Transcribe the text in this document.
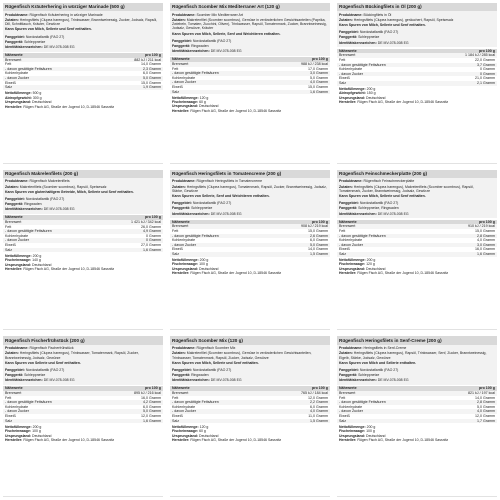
Rügenfisch Kräuterhering in würziger Marinade (500 g)

Produktname: Rügenfisch Kräuterhering in würziger Marinade

Zutaten: Heringsfilets (Clupea harengus), Trinkwasser, Branntweinessig, Zucker, Jodsalz, Rapsöl, Dill, Schnittlauch, Kräuter, Gewürze

Kann Spuren von Milch, Sellerie und Senf enthalten.

Fanggebiet: Nordostatlantik (FAO 27)

Fanggerät: Schleppnetze

Identitätskennzeichen: DE MV-078-008 EG

Nährwerte	pro 100 g
Brennwert	882 kJ / 211 kcal
Fett	14,0 Gramm
- davon gesättigte Fettsäuren	2,3 Gramm
Kohlenhydrate	6,0 Gramm
- davon Zucker	5,0 Gramm
Eiweiß	15,0 Gramm
Salz	1,9 Gramm

Nettofüllmenge: 500 g

Abtropfgewicht: 300 g

Ursprungsland: Deutschland

Hersteller: Rügen Fisch AG, Straße der Jugend 10, D-18546 Sassnitz

Rügenfisch Scomber Mix Mediterraner Art (120 g)

Produktname: Scomber Mix Mediterraner Art

Zutaten: Makrelenfilet (Scomber scombrus), Gemüse in veränderlichen Gewichtsanteilen (Paprika, Zwiebeln, Tomaten, Zucchini, Oliven), Trinkwasser, Rapsöl, Tomatenmark, Zucker, Branntweinessig, Jodsalz, Gewürze, Kräuter

Kann Spuren von Milch, Sellerie, Senf und Weichtieren enthalten.

Fanggebiet: Nordostatlantik (FAO 27)

Fanggerät: Ringwaden

Identitätskennzeichen: DE MV-078-008 EG

Nährwerte	pro 100 g
Brennwert	988 kJ / 238 kcal
Fett	17,0 Gramm
- davon gesättigte Fettsäuren	3,0 Gramm
Kohlenhydrate	5,0 Gramm
- davon Zucker	4,0 Gramm
Eiweiß	15,0 Gramm
Salz	1,6 Gramm

Nettofüllmenge: 120 g

Fischeinwaage: 60 g

Ursprungsland: Deutschland

Hersteller: Rügen Fisch AG, Straße der Jugend 10, D-18546 Sassnitz

Rügenfisch Bückingfilets in Öl (200 g)

Produktname: Bückingfilets in Öl

Zutaten: Heringsfilets (Clupea harengus), geräuchert, Rapsöl, Speisesalz

Kann Spuren von Milch, Sellerie und Senf enthalten.

Fanggebiet: Nordostatlantik (FAO 27)

Fanggerät: Schleppnetze

Identitätskennzeichen: DE MV-078-008 EG

Nährwerte	pro 100 g
Brennwert	1 184 kJ / 285 kcal
Fett	22,0 Gramm
- davon gesättigte Fettsäuren	3,7 Gramm
Kohlenhydrate	0 Gramm
- davon Zucker	0 Gramm
Eiweiß	21,0 Gramm
Salz	2,1 Gramm

Nettofüllmenge: 200 g

Abtropfgewicht: 150 g

Ursprungsland: Deutschland

Hersteller: Rügen Fisch AG, Straße der Jugend 10, D-18546 Sassnitz

Rügenfisch Makrelenfilets (200 g)

Produktname: Rügenfisch Makrelenfilets

Zutaten: Makrelenfilets (Scomber scombrus), Rapsöl, Speisesalz

Kann Spuren von glutenhaltigem Getreide, Milch, Sellerie und Senf enthalten.

Fanggebiet: Nordostatlantik (FAO 27)

Fanggerät: Ringwaden

Identitätskennzeichen: DE MV-078-008 EG

Nährwerte	pro 100 g
Brennwert	1 421 kJ / 342 kcal
Fett	26,0 Gramm
- davon gesättigte Fettsäuren	4,9 Gramm
Kohlenhydrate	0 Gramm
- davon Zucker	0 Gramm
Eiweiß	27,0 Gramm
Salz	1,6 Gramm

Nettofüllmenge: 200 g

Fischeinwaage: 140 g

Ursprungsland: Deutschland

Hersteller: Rügen Fisch AG, Straße der Jugend 10, D-18546 Sassnitz

Rügenfisch Heringsfilets in Tomatencreme (200 g)

Produktname: Rügenfisch Heringsfilets in Tomatencreme

Zutaten: Heringsfilets (Clupea harengus), Tomatenmark, Rapsöl, Zucker, Branntweinessig, Jodsalz, Stärke, Gewürze

Kann Spuren von Sellerie, Senf und Weichtieren enthalten.

Fanggebiet: Nordostatlantik (FAO 27)

Fanggerät: Schleppnetze

Identitätskennzeichen: DE MV-078-008 EG

Nährwerte	pro 100 g
Brennwert	908 kJ / 219 kcal
Fett	15,0 Gramm
- davon gesättigte Fettsäuren	2,6 Gramm
Kohlenhydrate	6,0 Gramm
- davon Zucker	5,0 Gramm
Eiweiß	14,0 Gramm
Salz	1,5 Gramm

Nettofüllmenge: 200 g

Fischeinwaage: 100 g

Ursprungsland: Deutschland

Hersteller: Rügen Fisch AG, Straße der Jugend 10, D-18546 Sassnitz

Rügenfisch Feinschmeckerplatte (200 g)

Produktname: Rügenfisch Feinschmeckerplatte

Zutaten: Heringsfilets (Clupea harengus), Makrelenfilets (Scomber scombrus), Rapsöl, Tomatenmark, Zucker, Branntweinessig, Jodsalz, Gewürze

Kann Spuren von Milch, Sellerie und Senf enthalten.

Fanggebiet: Nordostatlantik (FAO 27)

Fanggerät: Schleppnetze, Ringwaden

Identitätskennzeichen: DE MV-078-008 EG

Nährwerte	pro 100 g
Brennwert	910 kJ / 219 kcal
Fett	15,0 Gramm
- davon gesättigte Fettsäuren	2,8 Gramm
Kohlenhydrate	4,0 Gramm
- davon Zucker	3,0 Gramm
Eiweiß	16,0 Gramm
Salz	1,6 Gramm

Nettofüllmenge: 200 g

Fischeinwaage: 120 g

Ursprungsland: Deutschland

Hersteller: Rügen Fisch AG, Straße der Jugend 10, D-18546 Sassnitz

Rügenfisch Fischerfrühstück (200 g)

Produktname: Rügenfisch Fischerfrühstück

Zutaten: Heringsfilets (Clupea harengus), Trinkwasser, Tomatenmark, Rapsöl, Zucker, Branntweinessig, Jodsalz, Gewürze

Kann Spuren von Sellerie und Senf enthalten.

Fanggebiet: Nordostatlantik (FAO 27)

Fanggerät: Schleppnetze

Identitätskennzeichen: DE MV-078-008 EG

Nährwerte	pro 100 g
Brennwert	895 kJ / 216 kcal
Fett	16,0 Gramm
- davon gesättigte Fettsäuren	4,2 Gramm
Kohlenhydrate	6,0 Gramm
- davon Zucker	5,0 Gramm
Eiweiß	12,0 Gramm
Salz	1,6 Gramm

Nettofüllmenge: 200 g

Fischeinwaage: 100 g

Ursprungsland: Deutschland

Hersteller: Rügen Fisch AG, Straße der Jugend 10, D-18546 Sassnitz

Rügenfisch Scomber Mix (120 g)

Produktname: Rügenfisch Scomber Mix

Zutaten: Makrelenfilet (Scomber scombrus), Gemüse in veränderlichen Gewichtsanteilen, Trinkwasser, Tomatenmark, Rapsöl, Zucker, Jodsalz, Gewürze

Kann Spuren von Milch, Sellerie und Senf enthalten.

Fanggebiet: Nordostatlantik (FAO 27)

Fanggerät: Ringwaden

Identitätskennzeichen: DE MV-078-008 EG

Nährwerte	pro 100 g
Brennwert	765 kJ / 184 kcal
Fett	12,0 Gramm
- davon gesättigte Fettsäuren	2,2 Gramm
Kohlenhydrate	6,0 Gramm
- davon Zucker	4,0 Gramm
Eiweiß	11,0 Gramm
Salz	1,5 Gramm

Nettofüllmenge: 120 g

Fischeinwaage: 60 g

Ursprungsland: Deutschland

Hersteller: Rügen Fisch AG, Straße der Jugend 10, D-18546 Sassnitz

Rügenfisch Heringsfilets in Senf-Creme (200 g)

Produktname: Heringsfilets in Senf-Creme

Zutaten: Heringsfilets (Clupea harengus), Rapsöl, Trinkwasser, Senf, Zucker, Branntweinessig, Eigelb, Stärke, Jodsalz, Gewürze

Kann Spuren von Milch und Sellerie enthalten.

Fanggebiet: Nordostatlantik (FAO 27)

Fanggerät: Schleppnetze

Identitätskennzeichen: DE MV-078-008 EG

Nährwerte	pro 100 g
Brennwert	821 kJ / 197 kcal
Fett	14,0 Gramm
- davon gesättigte Fettsäuren	2,8 Gramm
Kohlenhydrate	5,0 Gramm
- davon Zucker	4,0 Gramm
Eiweiß	12,0 Gramm
Salz	1,7 Gramm

Nettofüllmenge: 200 g

Fischeinwaage: 100 g

Ursprungsland: Deutschland

Hersteller: Rügen Fisch AG, Straße der Jugend 10, D-18546 Sassnitz
